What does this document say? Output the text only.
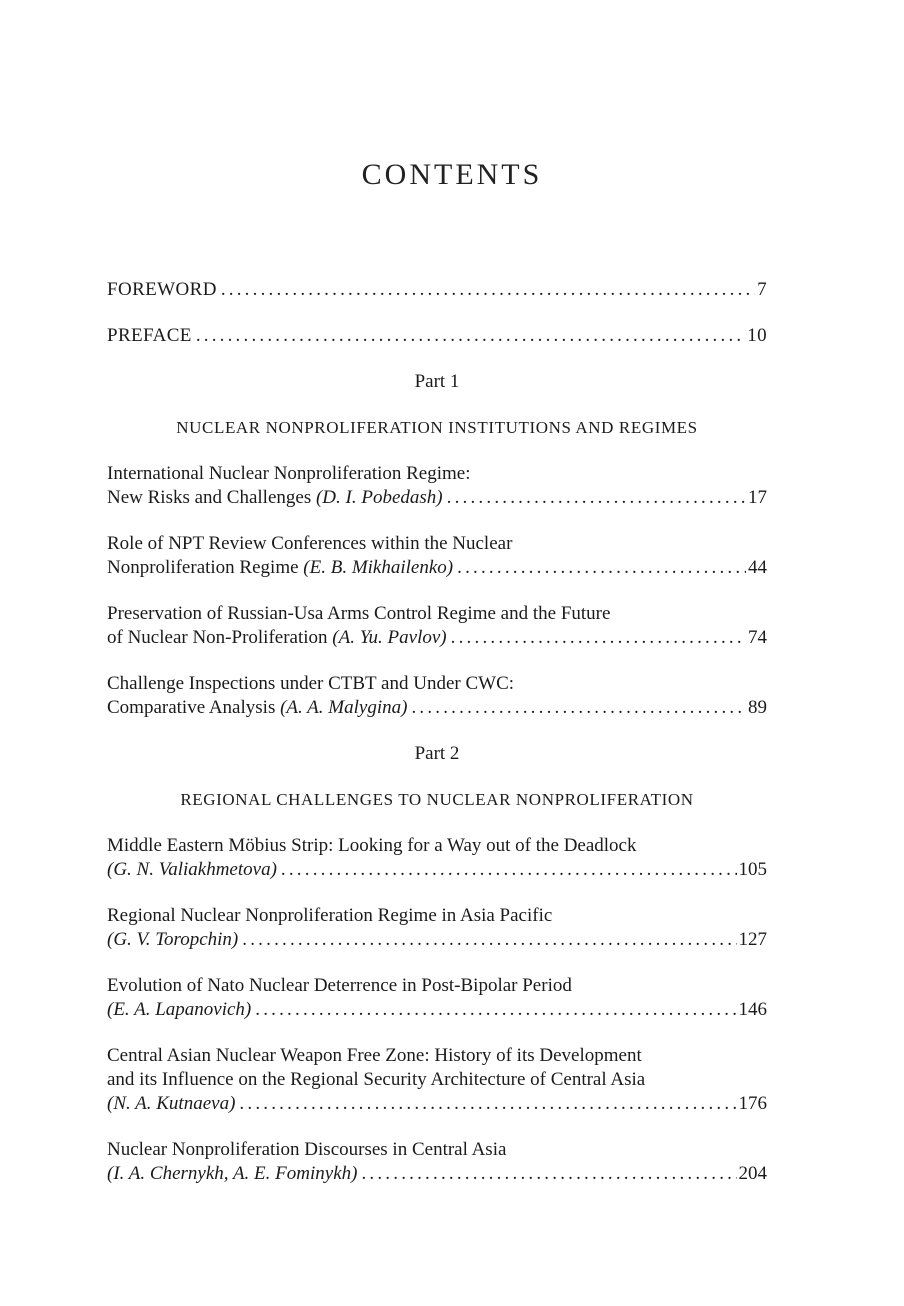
CONTENTS
FOREWORD .....	7
PREFACE .....	10
Part 1
NUCLEAR NONPROLIFERATION INSTITUTIONS AND REGIMES
International Nuclear Nonproliferation Regime:
New Risks and Challenges (D. I. Pobedash) .....	17
Role of NPT Review Conferences within the Nuclear
Nonproliferation Regime (E. B. Mikhailenko) .....	44
Preservation of Russian-Usa Arms Control Regime and the Future
of Nuclear Non-Proliferation (A. Yu. Pavlov) .....	74
Challenge Inspections under CTBT and Under CWC:
Comparative Analysis (A. A. Malygina) .....	89
Part 2
REGIONAL CHALLENGES TO NUCLEAR NONPROLIFERATION
Middle Eastern Möbius Strip: Looking for a Way out of the Deadlock
(G. N. Valiakhmetova) .....	105
Regional Nuclear Nonproliferation Regime in Asia Pacific
(G. V. Toropchin) .....	127
Evolution of Nato Nuclear Deterrence in Post-Bipolar Period
(E. A. Lapanovich) .....	146
Central Asian Nuclear Weapon Free Zone: History of its Development
and its Influence on the Regional Security Architecture of Central Asia
(N. A. Kutnaeva) .....	176
Nuclear Nonproliferation Discourses in Central Asia
(I. A. Chernykh, A. E. Fominykh) .....	204
